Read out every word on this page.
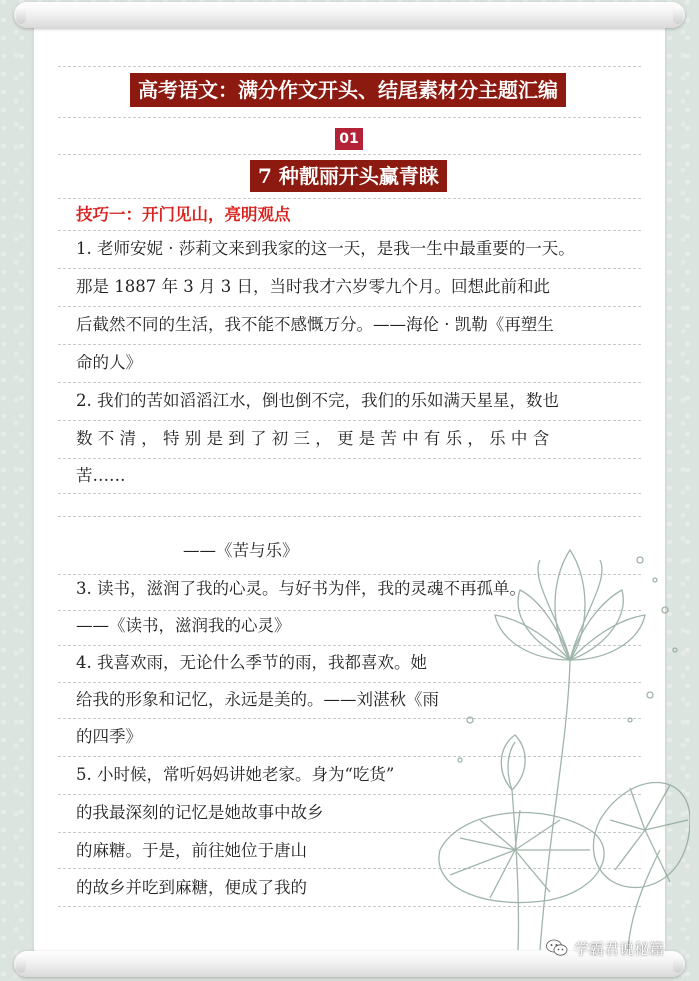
高考语文：满分作文开头、结尾素材分主题汇编
01
7 种靓丽开头赢青睐
技巧一：开门见山，亮明观点
1. 老师安妮 · 莎莉文来到我家的这一天，是我一生中最重要的一天。
那是 1887 年 3 月 3 日，当时我才六岁零九个月。回想此前和此
后截然不同的生活，我不能不感慨万分。——海伦 · 凯勒《再塑生
命的人》
2. 我们的苦如滔滔江水，倒也倒不完，我们的乐如满天星星，数也
数 不 清 ， 特 别 是 到 了 初 三 ， 更 是 苦 中 有 乐 ， 乐 中 含
苦……
——《苦与乐》
3. 读书，滋润了我的心灵。与好书为伴，我的灵魂不再孤单。
——《读书，滋润我的心灵》
4. 我喜欢雨，无论什么季节的雨，我都喜欢。她
给我的形象和记忆，永远是美的。——刘湛秋《雨
的四季》
5. 小时候，常听妈妈讲她老家。身为“吃货”
的我最深刻的记忆是她故事中故乡
的麻糖。于是，前往她位于唐山
的故乡并吃到麻糖，便成了我的
学霸君说秘籍
